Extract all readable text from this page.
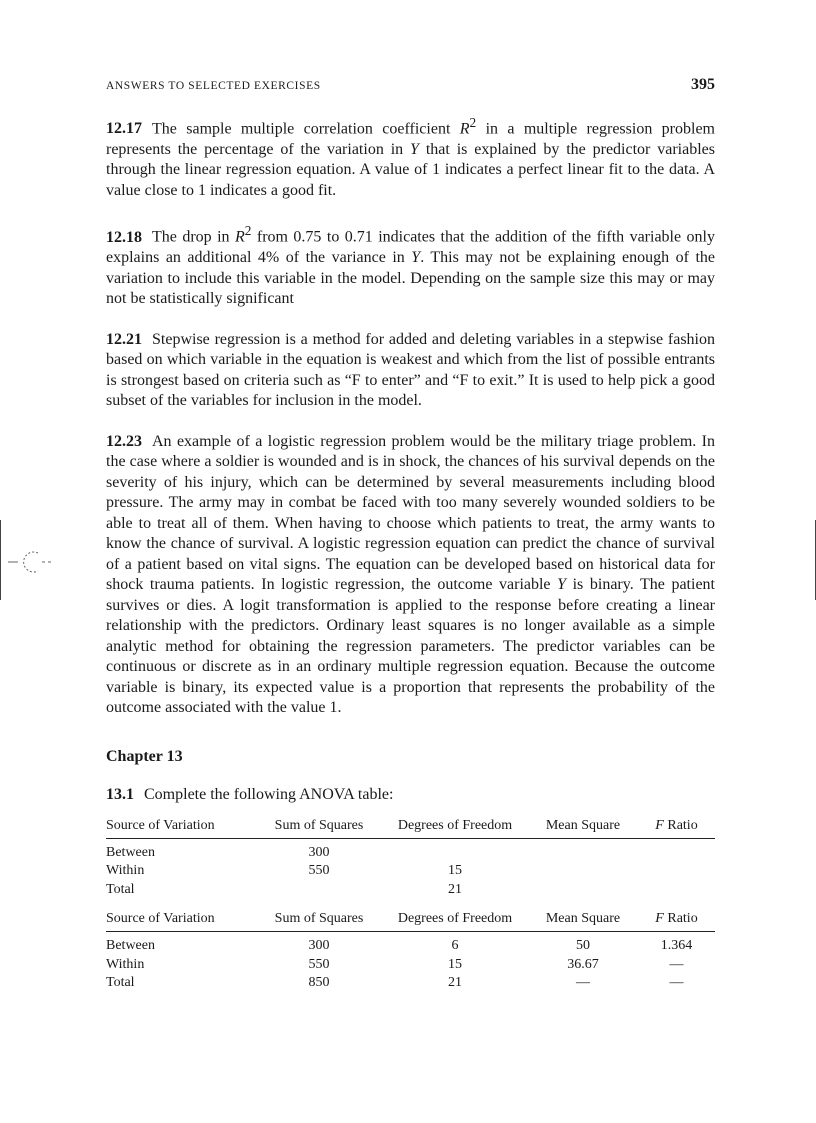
ANSWERS TO SELECTED EXERCISES	395

12.17 The sample multiple correlation coefficient $R^2$ in a multiple regression problem represents the percentage of the variation in Y that is explained by the predictor variables through the linear regression equation. A value of 1 indicates a perfect linear fit to the data. A value close to 1 indicates a good fit.

12.18 The drop in $R^2$ from 0.75 to 0.71 indicates that the addition of the fifth variable only explains an additional 4% of the variance in Y. This may not be explaining enough of the variation to include this variable in the model. Depending on the sample size this may or may not be statistically significant

12.21 Stepwise regression is a method for added and deleting variables in a stepwise fashion based on which variable in the equation is weakest and which from the list of possible entrants is strongest based on criteria such as “F to enter” and “F to exit.” It is used to help pick a good subset of the variables for inclusion in the model.

12.23 An example of a logistic regression problem would be the military triage problem. In the case where a soldier is wounded and is in shock, the chances of his survival depends on the severity of his injury, which can be determined by several measurements including blood pressure. The army may in combat be faced with too many severely wounded soldiers to be able to treat all of them. When having to choose which patients to treat, the army wants to know the chance of survival. A logistic regression equation can predict the chance of survival of a patient based on vital signs. The equation can be developed based on historical data for shock trauma patients. In logistic regression, the outcome variable Y is binary. The patient survives or dies. A logit transformation is applied to the response before creating a linear relationship with the predictors. Ordinary least squares is no longer available as a simple analytic method for obtaining the regression parameters. The predictor variables can be continuous or discrete as in an ordinary multiple regression equation. Because the outcome variable is binary, its expected value is a proportion that represents the probability of the outcome associated with the value 1.

Chapter 13

13.1 Complete the following ANOVA table:

Source of Variation	Sum of Squares	Degrees of Freedom	Mean Square	F Ratio
Between	300			
Within	550	15		
Total		21		
Source of Variation	Sum of Squares	Degrees of Freedom	Mean Square	F Ratio
Between	300	6	50	1.364
Within	550	15	36.67	—
Total	850	21	—	—
